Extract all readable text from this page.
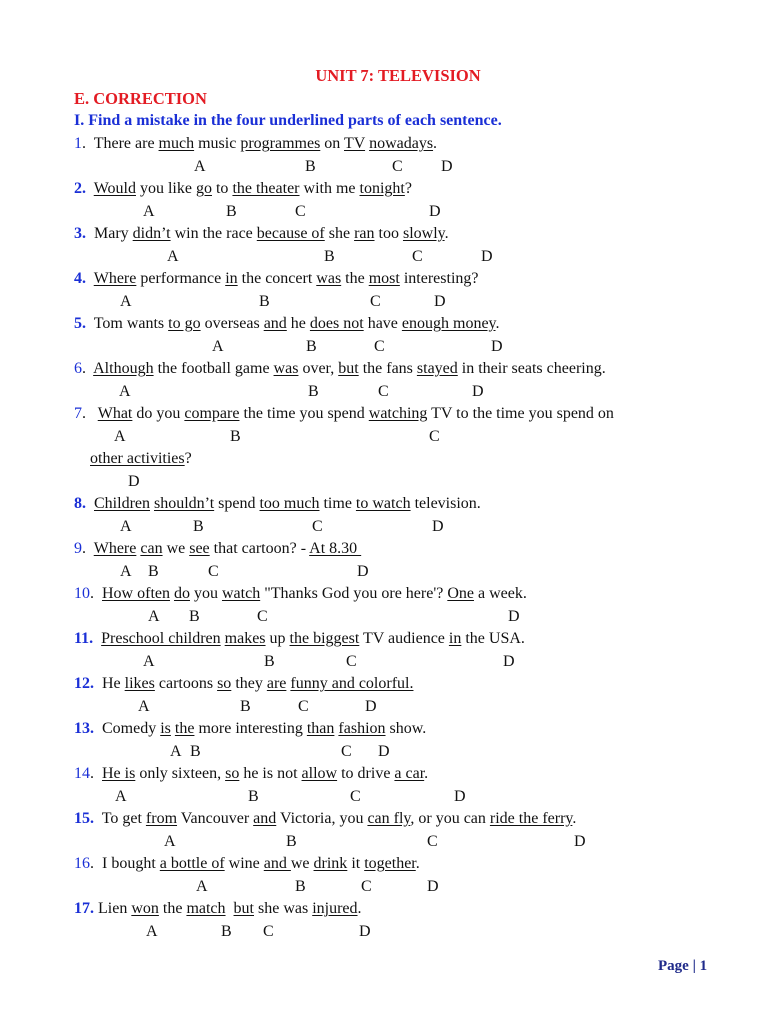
UNIT 7: TELEVISION
E. CORRECTION
I. Find a mistake in the four underlined parts of each sentence.
1.  There are much music programmes on TV nowadays.
A	B	C D
2. Would you like go to the theater with me tonight?
A	B	C	D
3.  Mary didn’t win the race because of she ran too slowly.
A	B	C	D
4. Where performance in the concert was the most interesting?
A	B	C	D
5.  Tom wants to go overseas and he does not have enough money.
A	B	C	D
6. Although the football game was over, but the fans stayed in their seats cheering.
A	B	C	D
7. What do you compare the time you spend watching TV to the time you spend on
A	B	C
other activities?
D
8. Children shouldn’t spend too much time to watch television.
A	B	C	D
9. Where can we see that cartoon? - At 8.30
A B	C	D
10. How often do you watch "Thanks God you ore here'? One a week.
A B	C	D
11. Preschool children makes up the biggest TV audience in the USA.
A	B	C	D
12.  He likes cartoons so they are funny and colorful.
A	B	C	D
13.  Comedy is the more interesting than fashion show.
A B	C D
14. He is only sixteen, so he is not allow to drive a car.
A	B	C	D
15.  To get from Vancouver and Victoria, you can fly, or you can ride the ferry.
A	B	C	D
16.  I bought a bottle of wine and we drink it together.
A	B	C	D
17. Lien won the match but she was injured.
A	B C	D
Page | 1
